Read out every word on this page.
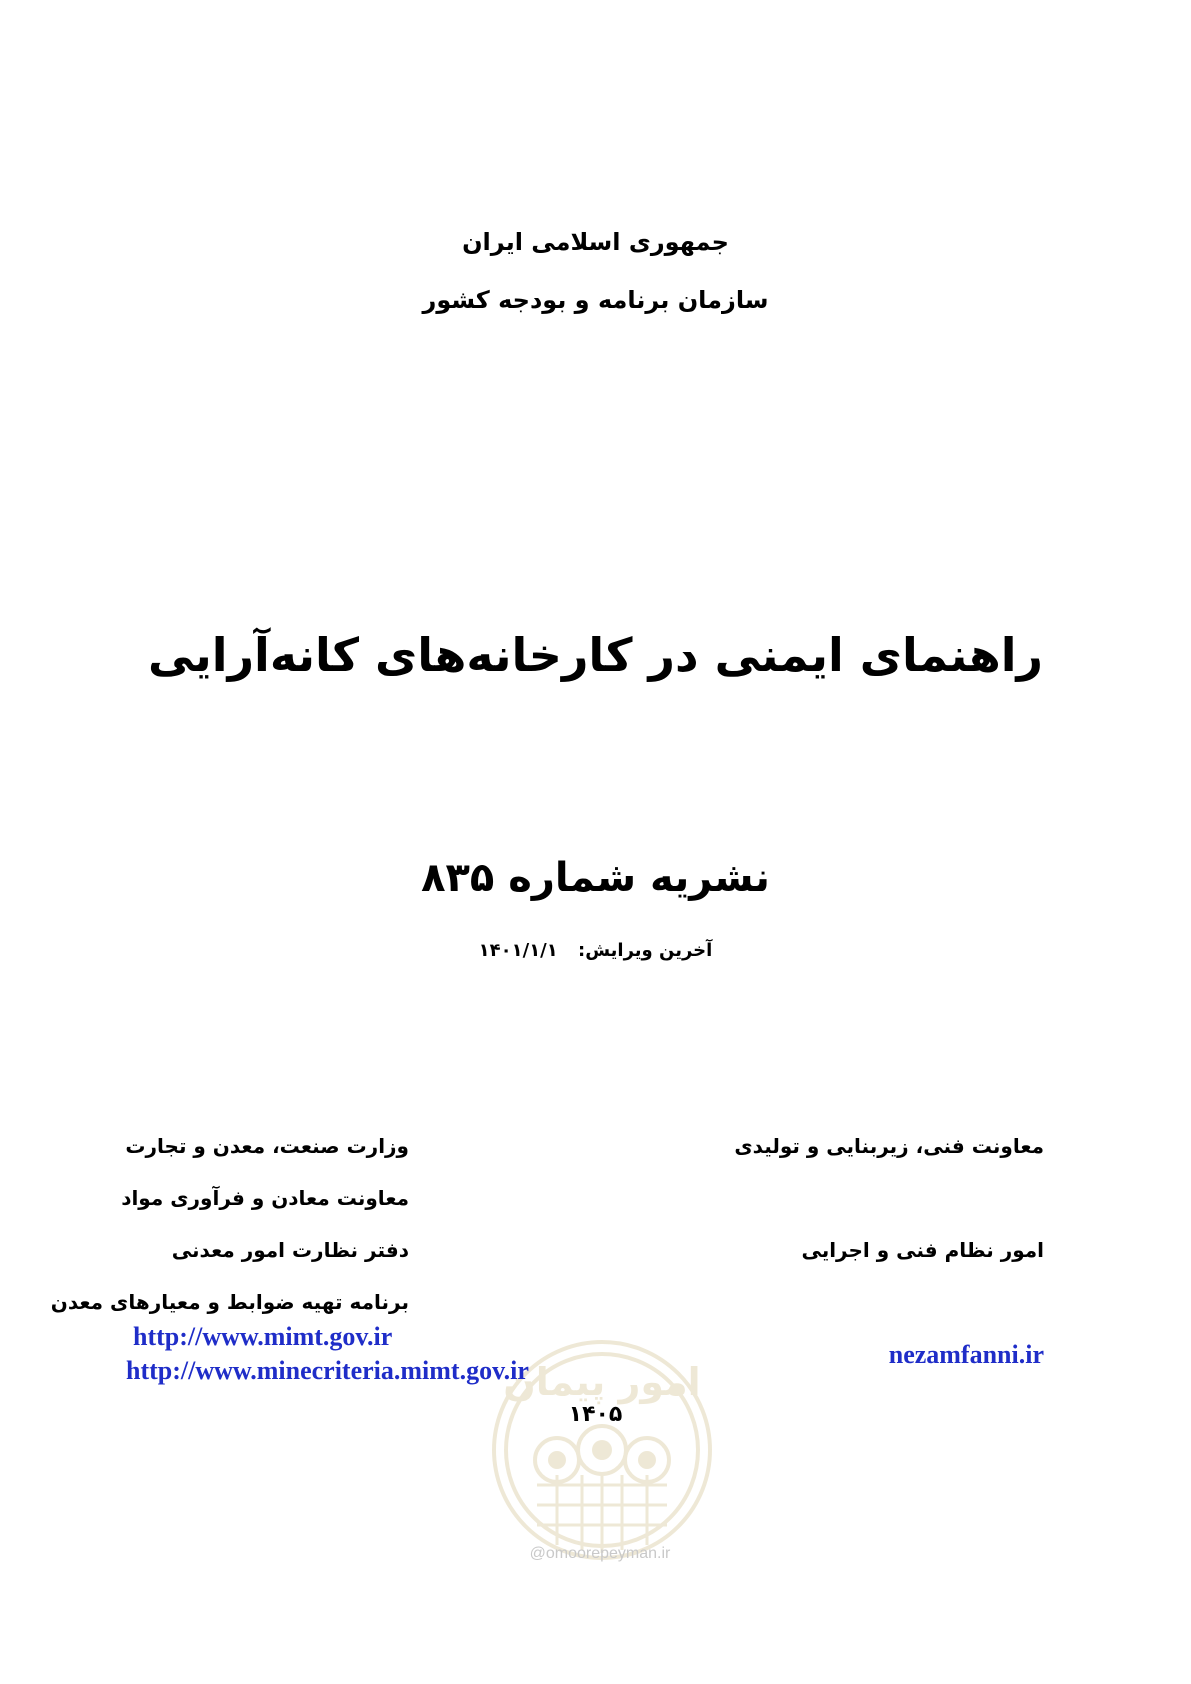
جمهوری اسلامی ایران
سازمان برنامه و بودجه کشور
راهنمای ایمنی در کارخانه‌های کانه‌آرایی
نشریه شماره ۸۳۵
آخرین ویرایش: ۱۴۰۱/۱/۱
معاونت فنی، زیربنایی و تولیدی
امور نظام فنی و اجرایی
وزارت صنعت، معدن و تجارت
معاونت معادن و فرآوری مواد
دفتر نظارت امور معدنی
برنامه تهیه ضوابط و معیارهای معدن
امور پیمان
@omoorepeyman.ir
۱۴۰۵
http://www.mimt.gov.ir
http://www.minecriteria.mimt.gov.ir
nezamfanni.ir
